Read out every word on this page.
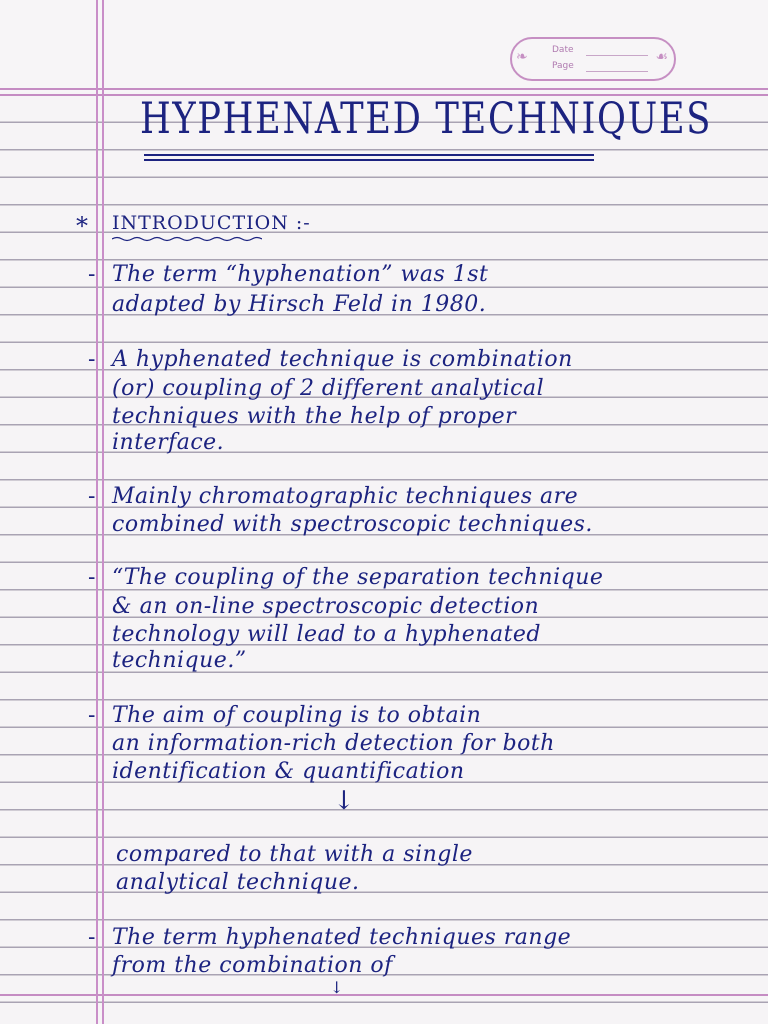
❧	Date
Page
☙
HYPHENATED TECHNIQUES
* INTRODUCTION :-
- The term “hyphenation” was 1st
adapted by Hirsch Feld in 1980.
- A hyphenated technique is combination
(or) coupling of 2 different analytical
techniques with the help of proper
interface.
- Mainly chromatographic techniques are
combined with spectroscopic techniques.
- “The coupling of the separation technique
& an on-line spectroscopic detection
technology will lead to a hyphenated
technique.”
- The aim of coupling is to obtain
an information-rich detection for both
identification & quantification
↓
compared to that with a single
analytical technique.
- The term hyphenated techniques range
from the combination of
↓
